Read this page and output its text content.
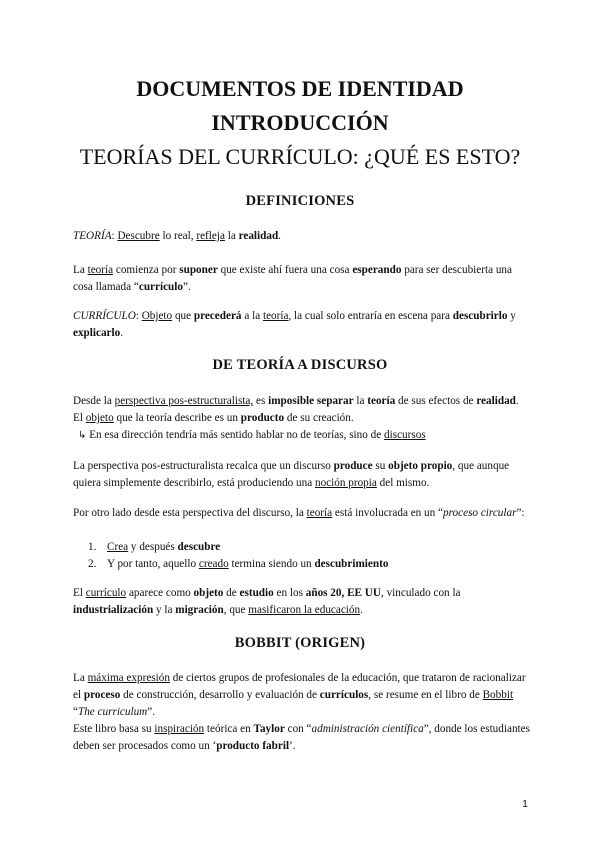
DOCUMENTOS DE IDENTIDAD
INTRODUCCIÓN
TEORÍAS DEL CURRÍCULO: ¿QUÉ ES ESTO?
DEFINICIONES
TEORÍA: Descubre lo real, refleja la realidad.
La teoría comienza por suponer que existe ahí fuera una cosa esperando para ser descubierta una cosa llamada “currículo”.
CURRÍCULO: Objeto que precederá a la teoría, la cual solo entraría en escena para descubrirlo y explicarlo.
DE TEORÍA A DISCURSO
Desde la perspectiva pos-estructuralista, es imposible separar la teoría de sus efectos de realidad. El objeto que la teoría describe es un producto de su creación.
↳ En esa dirección tendría más sentido hablar no de teorías, sino de discursos
La perspectiva pos-estructuralista recalca que un discurso produce su objeto propio, que aunque quiera simplemente describirlo, está produciendo una noción propia del mismo.
Por otro lado desde esta perspectiva del discurso, la teoría está involucrada en un “proceso circular”:
1. Crea y después descubre
2. Y por tanto, aquello creado termina siendo un descubrimiento
El currículo aparece como objeto de estudio en los años 20, EE UU, vinculado con la industrialización y la migración, que masificaron la educación.
BOBBIT (ORIGEN)
La máxima expresión de ciertos grupos de profesionales de la educación, que trataron de racionalizar el proceso de construcción, desarrollo y evaluación de currículos, se resume en el libro de Bobbit “The curriculum”.
Este libro basa su inspiración teórica en Taylor con “administración científica”, donde los estudiantes deben ser procesados como un ‘producto fabril’.
1
